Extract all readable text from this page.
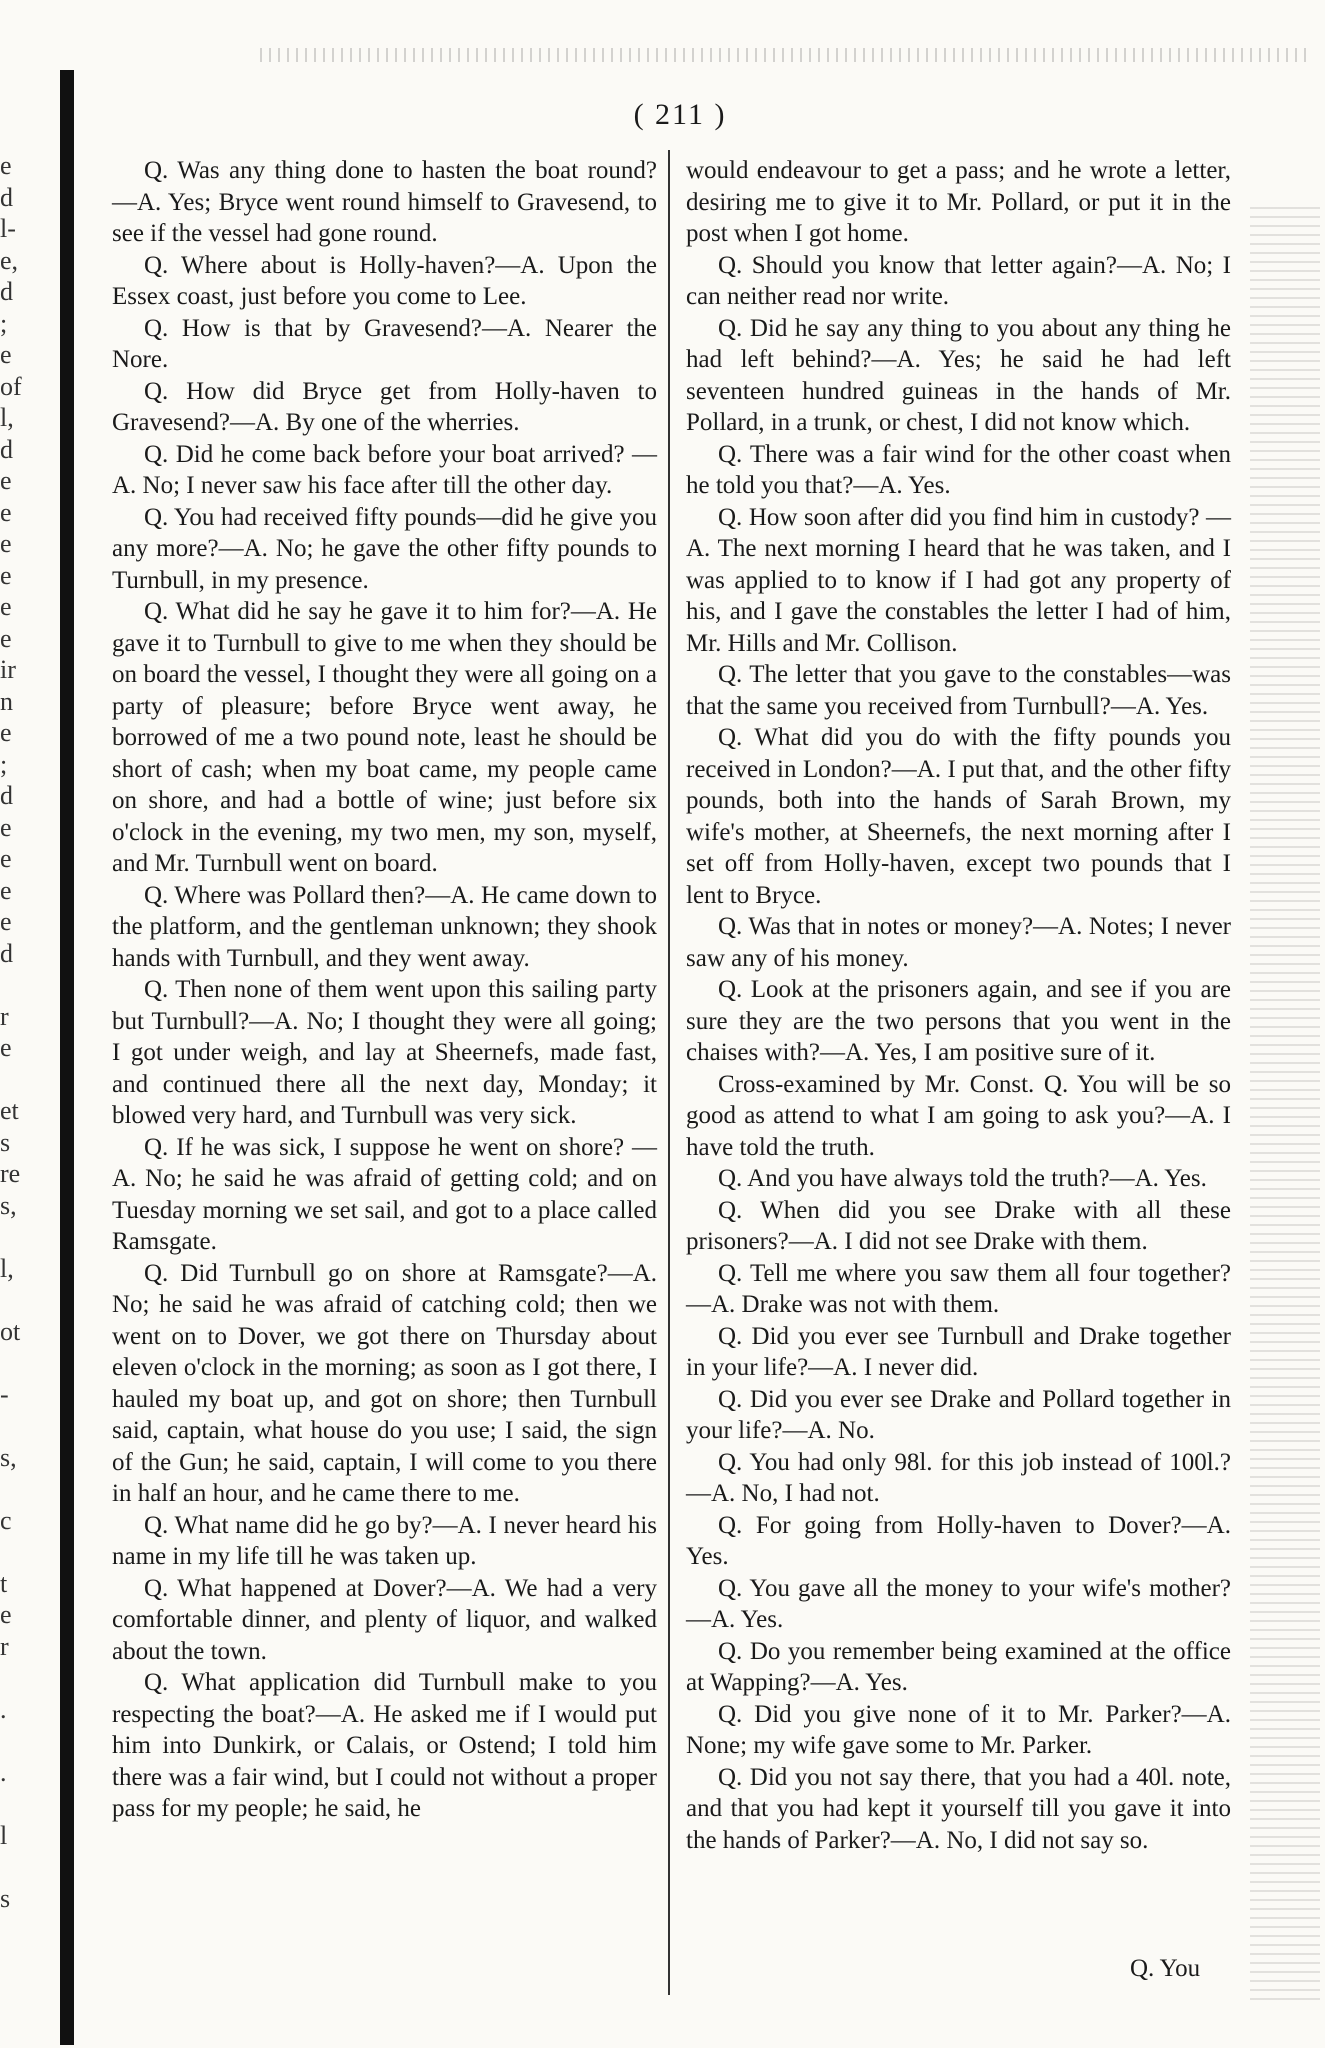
e
d
l-
e,
d
;
e
of
l,
d
e
e
e
e
e
e
ir
n
e
;
d
e
e
e
e
d
r
e
et
s
re
s,
l,
ot
-
s,
c
t
e
r
.
.
l
s
( 211 )

Q. Was any thing done to hasten the boat round? —A. Yes; Bryce went round himself to Gravesend, to see if the vessel had gone round.

Q. Where about is Holly-haven?—A. Upon the Essex coast, just before you come to Lee.

Q. How is that by Gravesend?—A. Nearer the Nore.

Q. How did Bryce get from Holly-haven to Gravesend?—A. By one of the wherries.

Q. Did he come back before your boat arrived? —A. No; I never saw his face after till the other day.

Q. You had received fifty pounds—did he give you any more?—A. No; he gave the other fifty pounds to Turnbull, in my presence.

Q. What did he say he gave it to him for?—A. He gave it to Turnbull to give to me when they should be on board the vessel, I thought they were all going on a party of pleasure; before Bryce went away, he borrowed of me a two pound note, least he should be short of cash; when my boat came, my people came on shore, and had a bottle of wine; just before six o'clock in the evening, my two men, my son, myself, and Mr. Turnbull went on board.

Q. Where was Pollard then?—A. He came down to the platform, and the gentleman unknown; they shook hands with Turnbull, and they went away.

Q. Then none of them went upon this sailing party but Turnbull?—A. No; I thought they were all going; I got under weigh, and lay at Sheernefs, made fast, and continued there all the next day, Monday; it blowed very hard, and Turnbull was very sick.

Q. If he was sick, I suppose he went on shore? —A. No; he said he was afraid of getting cold; and on Tuesday morning we set sail, and got to a place called Ramsgate.

Q. Did Turnbull go on shore at Ramsgate?—A. No; he said he was afraid of catching cold; then we went on to Dover, we got there on Thursday about eleven o'clock in the morning; as soon as I got there, I hauled my boat up, and got on shore; then Turnbull said, captain, what house do you use; I said, the sign of the Gun; he said, captain, I will come to you there in half an hour, and he came there to me.

Q. What name did he go by?—A. I never heard his name in my life till he was taken up.

Q. What happened at Dover?—A. We had a very comfortable dinner, and plenty of liquor, and walked about the town.

Q. What application did Turnbull make to you respecting the boat?—A. He asked me if I would put him into Dunkirk, or Calais, or Ostend; I told him there was a fair wind, but I could not without a proper pass for my people; he said, he

would endeavour to get a pass; and he wrote a letter, desiring me to give it to Mr. Pollard, or put it in the post when I got home.

Q. Should you know that letter again?—A. No; I can neither read nor write.

Q. Did he say any thing to you about any thing he had left behind?—A. Yes; he said he had left seventeen hundred guineas in the hands of Mr. Pollard, in a trunk, or chest, I did not know which.

Q. There was a fair wind for the other coast when he told you that?—A. Yes.

Q. How soon after did you find him in custody? —A. The next morning I heard that he was taken, and I was applied to to know if I had got any property of his, and I gave the constables the letter I had of him, Mr. Hills and Mr. Collison.

Q. The letter that you gave to the constables—was that the same you received from Turnbull?—A. Yes.

Q. What did you do with the fifty pounds you received in London?—A. I put that, and the other fifty pounds, both into the hands of Sarah Brown, my wife's mother, at Sheernefs, the next morning after I set off from Holly-haven, except two pounds that I lent to Bryce.

Q. Was that in notes or money?—A. Notes; I never saw any of his money.

Q. Look at the prisoners again, and see if you are sure they are the two persons that you went in the chaises with?—A. Yes, I am positive sure of it.

Cross-examined by Mr. Const. Q. You will be so good as attend to what I am going to ask you?—A. I have told the truth.

Q. And you have always told the truth?—A. Yes.

Q. When did you see Drake with all these prisoners?—A. I did not see Drake with them.

Q. Tell me where you saw them all four together?—A. Drake was not with them.

Q. Did you ever see Turnbull and Drake together in your life?—A. I never did.

Q. Did you ever see Drake and Pollard together in your life?—A. No.

Q. You had only 98l. for this job instead of 100l.? —A. No, I had not.

Q. For going from Holly-haven to Dover?—A. Yes.

Q. You gave all the money to your wife's mother?—A. Yes.

Q. Do you remember being examined at the office at Wapping?—A. Yes.

Q. Did you give none of it to Mr. Parker?—A. None; my wife gave some to Mr. Parker.

Q. Did you not say there, that you had a 40l. note, and that you had kept it yourself till you gave it into the hands of Parker?—A. No, I did not say so.

Q. You
